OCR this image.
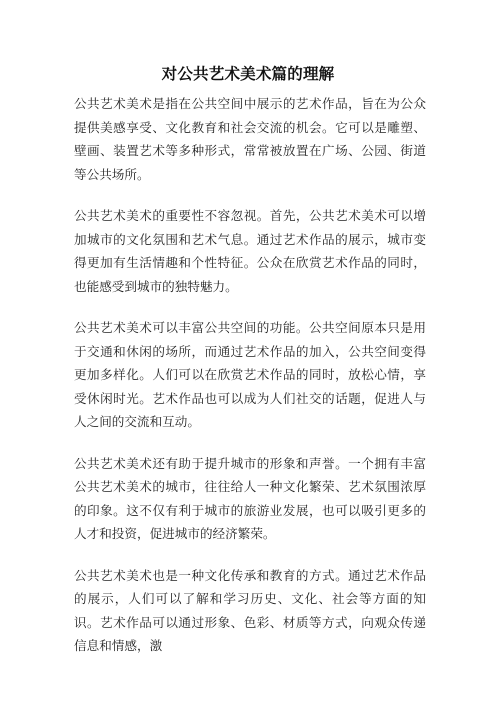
对公共艺术美术篇的理解

公共艺术美术是指在公共空间中展示的艺术作品，旨在为公众提供美感享受、文化教育和社会交流的机会。它可以是雕塑、壁画、装置艺术等多种形式，常常被放置在广场、公园、街道等公共场所。

公共艺术美术的重要性不容忽视。首先，公共艺术美术可以增加城市的文化氛围和艺术气息。通过艺术作品的展示，城市变得更加有生活情趣和个性特征。公众在欣赏艺术作品的同时，也能感受到城市的独特魅力。

公共艺术美术可以丰富公共空间的功能。公共空间原本只是用于交通和休闲的场所，而通过艺术作品的加入，公共空间变得更加多样化。人们可以在欣赏艺术作品的同时，放松心情，享受休闲时光。艺术作品也可以成为人们社交的话题，促进人与人之间的交流和互动。

公共艺术美术还有助于提升城市的形象和声誉。一个拥有丰富公共艺术美术的城市，往往给人一种文化繁荣、艺术氛围浓厚的印象。这不仅有利于城市的旅游业发展，也可以吸引更多的人才和投资，促进城市的经济繁荣。

公共艺术美术也是一种文化传承和教育的方式。通过艺术作品的展示，人们可以了解和学习历史、文化、社会等方面的知识。艺术作品可以通过形象、色彩、材质等方式，向观众传递信息和情感，激
